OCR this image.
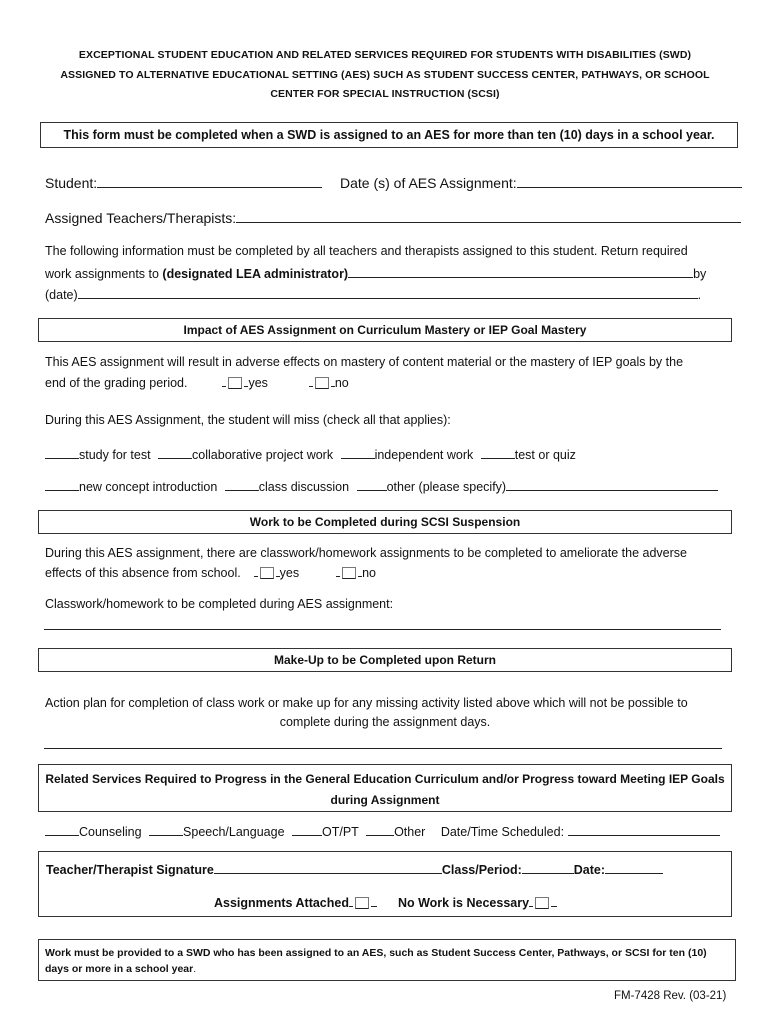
EXCEPTIONAL STUDENT EDUCATION AND RELATED SERVICES REQUIRED FOR STUDENTS WITH DISABILITIES (SWD)
ASSIGNED TO ALTERNATIVE EDUCATIONAL SETTING (AES) SUCH AS STUDENT SUCCESS CENTER, PATHWAYS, OR SCHOOL
CENTER FOR SPECIAL INSTRUCTION (SCSI)
This form must be completed when a SWD is assigned to an AES for more than ten (10) days in a school year.
Student:	Date (s) of AES Assignment:
Assigned Teachers/Therapists:
The following information must be completed by all teachers and therapists assigned to this student. Return required
work assignments to (designated LEA administrator)	by
(date)	.
Impact of AES Assignment on Curriculum Mastery or IEP Goal Mastery
This AES assignment will result in adverse effects on mastery of content material or the mastery of IEP goals by the
end of the grading period.	yes	no
During this AES Assignment, the student will miss (check all that applies):
study for test	collaborative project work	independent work	test or quiz
new concept introduction	class discussion	other (please specify)
Work to be Completed during SCSI Suspension
During this AES assignment, there are classwork/homework assignments to be completed to ameliorate the adverse
effects of this absence from school.	yes	no
Classwork/homework to be completed during AES assignment:
Make-Up to be Completed upon Return
Action plan for completion of class work or make up for any missing activity listed above which will not be possible to
complete during the assignment days.
Related Services Required to Progress in the General Education Curriculum and/or Progress toward Meeting IEP Goals
during Assignment
Counseling	Speech/Language	OT/PT	Other Date/Time Scheduled:
Teacher/Therapist Signature	Class/Period:	Date:
Assignments Attached	No Work is Necessary
Work must be provided to a SWD who has been assigned to an AES, such as Student Success Center, Pathways, or SCSI for ten (10)
days or more in a school year.
FM-7428 Rev. (03-21)
